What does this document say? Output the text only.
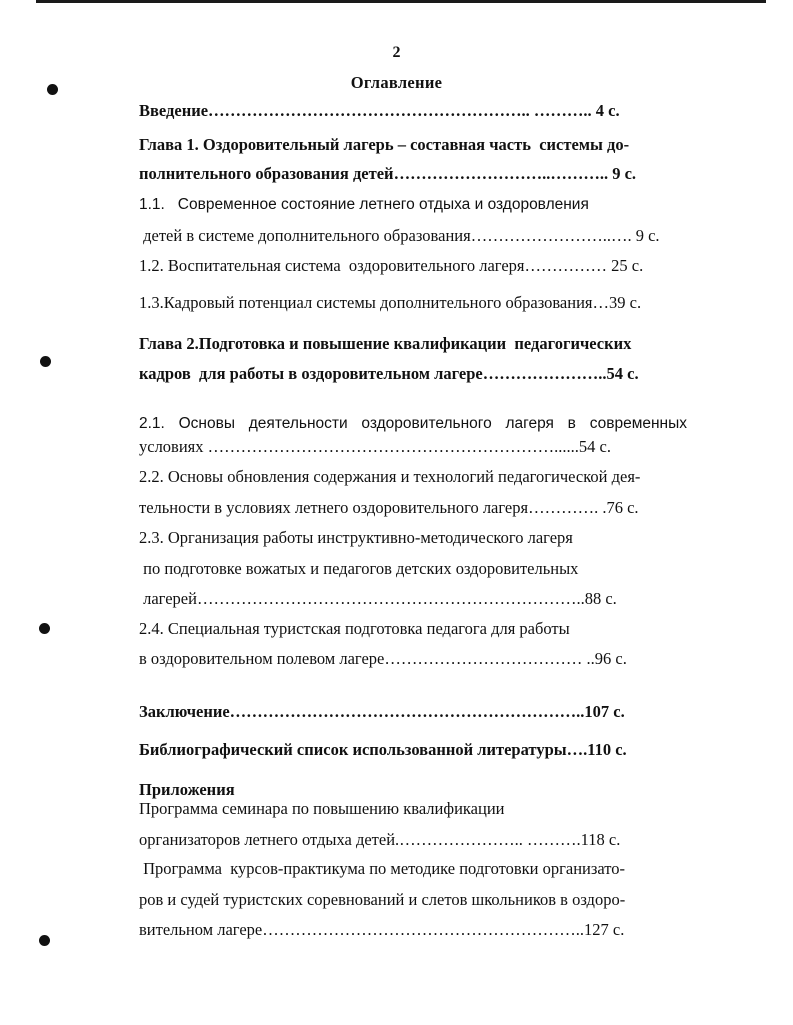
2
Оглавление
Введение………………………………………………….. ……….. 4 с.
Глава 1. Оздоровительный лагерь – составная часть  системы до-
полнительного образования детей………………………..……….. 9 с.
1.1.   Современное состояние летнего отдыха и оздоровления
детей в системе дополнительного образования……………………..…. 9 с.
1.2. Воспитательная система  оздоровительного лагеря…………… 25 с.
1.3.Кадровый потенциал системы дополнительного образования…39 с.
Глава 2.Подготовка и повышение квалификации  педагогических
кадров  для работы в оздоровительном лагере…………………..54 с.
2.1. Основы деятельности оздоровительного лагеря в современных
условиях ………………………………………………………......54 с.
2.2. Основы обновления содержания и технологий педагогической дея-
тельности в условиях летнего оздоровительного лагеря…………. .76 с.
2.3. Организация работы инструктивно-методического лагеря
по подготовке вожатых и педагогов детских оздоровительных
лагерей……………………………………………………………..88 с.
2.4. Специальная туристская подготовка педагога для работы
в оздоровительном полевом лагере……………………………… ..96 с.
Заключение………………………………………………………..107 с.
Библиографический список использованной литературы….110 с.
Приложения
Программа семинара по повышению квалификации
организаторов летнего отдыха детей.………………….. ……….118 с.
Программа  курсов-практикума по методике подготовки организато-
ров и судей туристских соревнований и слетов школьников в оздоро-
вительном лагере…………………………………………………..127 с.
